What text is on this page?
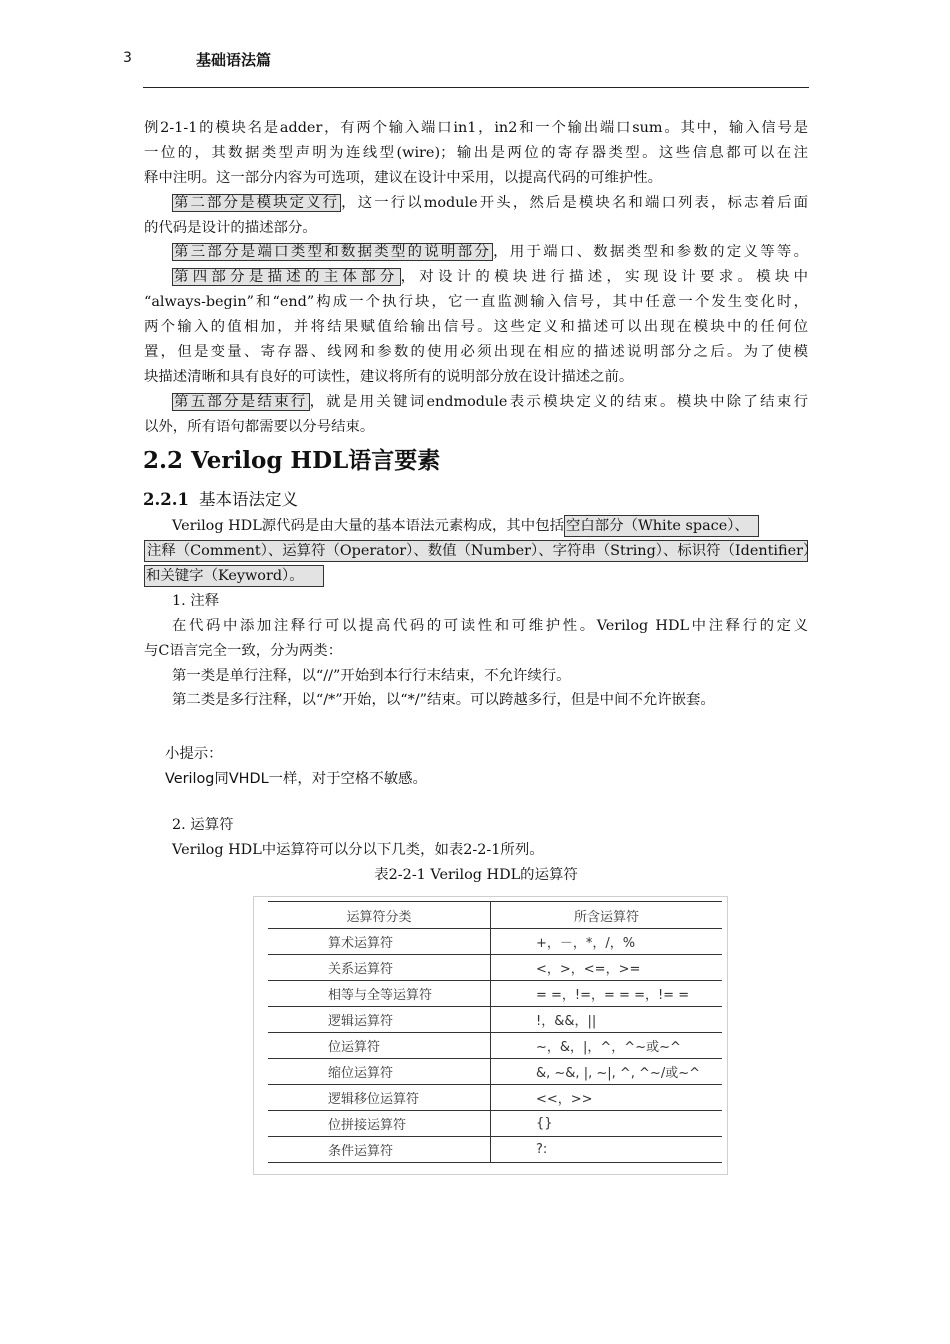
3	基础语法篇
例2-1-1的模块名是adder，有两个输入端口in1，in2和一个输出端口sum。其中，输入信号是
一位的，其数据类型声明为连线型(wire)；输出是两位的寄存器类型。这些信息都可以在注
释中注明。这一部分内容为可选项，建议在设计中采用，以提高代码的可维护性。
第二部分是模块定义行 ，这一行以module开头，然后是模块名和端口列表，标志着后面
的代码是设计的描述部分。
第三部分是端口类型和数据类型的说明部分 ，用于端口、数据类型和参数的定义等等。
第四部分是描述的主体部分 ，对设计的模块进行描述，实现设计要求。模块中
“always-begin”和“end”构成一个执行块，它一直监测输入信号，其中任意一个发生变化时，
两个输入的值相加，并将结果赋值给输出信号。这些定义和描述可以出现在模块中的任何位
置，但是变量、寄存器、线网和参数的使用必须出现在相应的描述说明部分之后。为了使模
块描述清晰和具有良好的可读性，建议将所有的说明部分放在设计描述之前。
第五部分是结束行 ，就是用关键词endmodule表示模块定义的结束。模块中除了结束行
以外，所有语句都需要以分号结束。
2.2 Verilog HDL语言要素
2.2.1 基本语法定义
Verilog HDL源代码是由大量的基本语法元素构成，其中包括 空白部分（White space）、
注释（Comment）、运算符（Operator）、数值（Number）、字符串（String）、标识符（Identifier）
和关键字（Keyword）。
1. 注释
在代码中添加注释行可以提高代码的可读性和可维护性。Verilog HDL中注释行的定义
与C语言完全一致，分为两类：
第一类是单行注释，以“//”开始到本行行末结束，不允许续行。
第二类是多行注释，以“/*”开始，以“*/”结束。可以跨越多行，但是中间不允许嵌套。
小提示：
Verilog同VHDL一样，对于空格不敏感。
2. 运算符
Verilog HDL中运算符可以分以下几类，如表2-2-1所列。
表2-2-1 Verilog HDL的运算符
运算符分类	所含运算符
算术运算符	+，－，*，/，%
关系运算符	<，>，<=，>=
相等与全等运算符	= =，!=，= = =，!= =
逻辑运算符	!，&&，||
位运算符	~，&，|，^，^~或~^
缩位运算符	&, ~&, |, ~|, ^, ^~/或~^
逻辑移位运算符	<<，>>
位拼接运算符	{}
条件运算符	?:
